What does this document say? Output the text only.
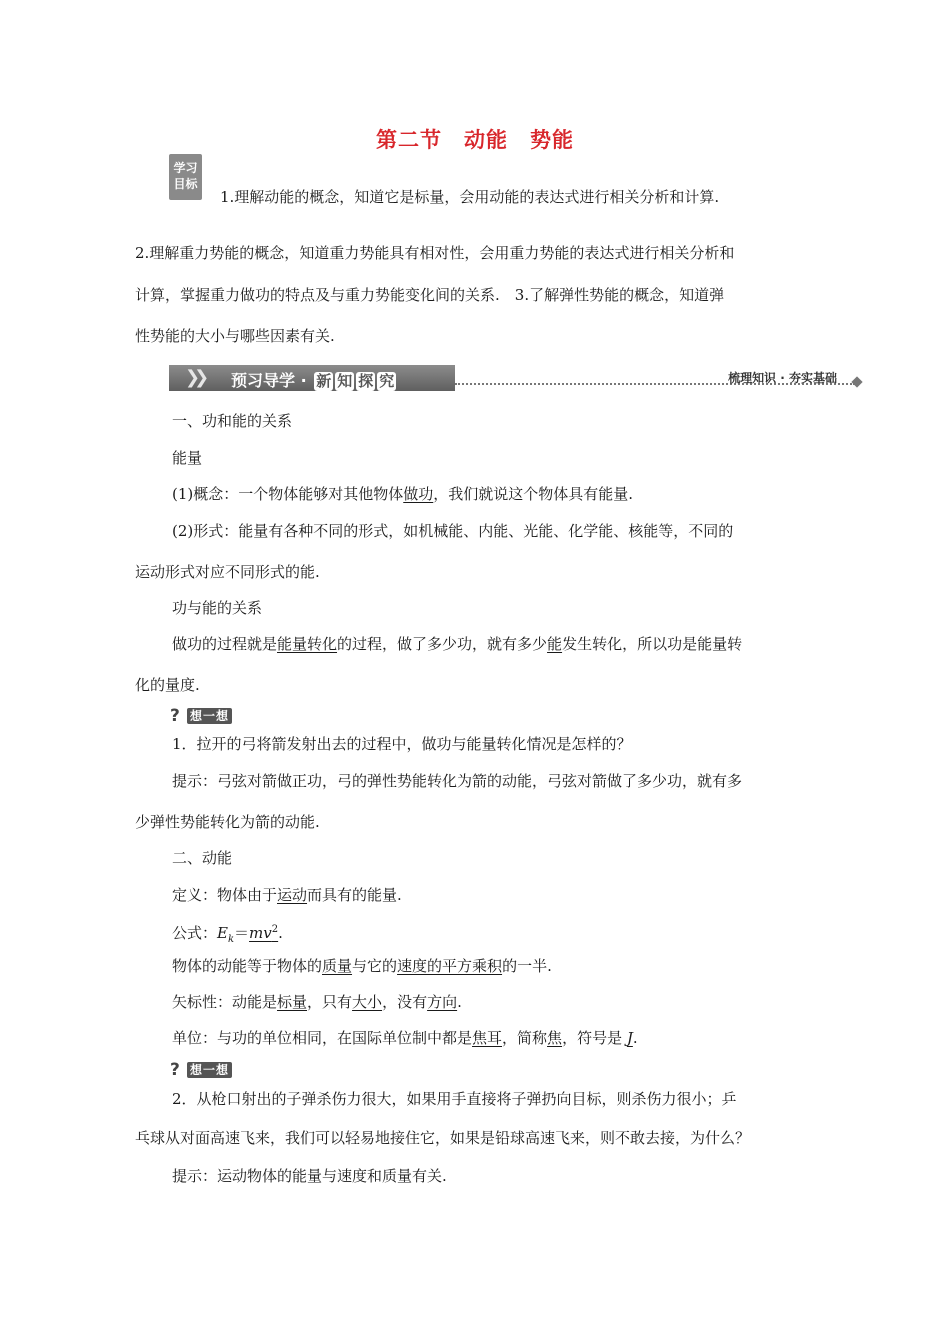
第二节　动能　势能
学习
目标
1.理解动能的概念，知道它是标量，会用动能的表达式进行相关分析和计算.
2.理解重力势能的概念，知道重力势能具有相对性，会用重力势能的表达式进行相关分析和
计算，掌握重力做功的特点及与重力势能变化间的关系.　3.了解弹性势能的概念，知道弹
性势能的大小与哪些因素有关.
❯❯ 预习导学 · 新 知 探 究	梳理知识 · 夯实基础
一、功和能的关系
能量
(1)概念：一个物体能够对其他物体做功，我们就说这个物体具有能量.
(2)形式：能量有各种不同的形式，如机械能、内能、光能、化学能、核能等，不同的
运动形式对应不同形式的能.
功与能的关系
做功的过程就是能量转化的过程，做了多少功，就有多少能发生转化，所以功是能量转
化的量度.
? 想一想
1．拉开的弓将箭发射出去的过程中，做功与能量转化情况是怎样的？
提示：弓弦对箭做正功，弓的弹性势能转化为箭的动能，弓弦对箭做了多少功，就有多
少弹性势能转化为箭的动能.
二、动能
定义：物体由于运动而具有的能量.
公式：$E_k=mv^2$.
物体的动能等于物体的质量与它的速度的平方乘积的一半.
矢标性：动能是标量，只有大小，没有方向.
单位：与功的单位相同，在国际单位制中都是焦耳，简称焦，符号是 J.
? 想一想
2．从枪口射出的子弹杀伤力很大，如果用手直接将子弹扔向目标，则杀伤力很小；乒
乓球从对面高速飞来，我们可以轻易地接住它，如果是铅球高速飞来，则不敢去接，为什么？
提示：运动物体的能量与速度和质量有关.
